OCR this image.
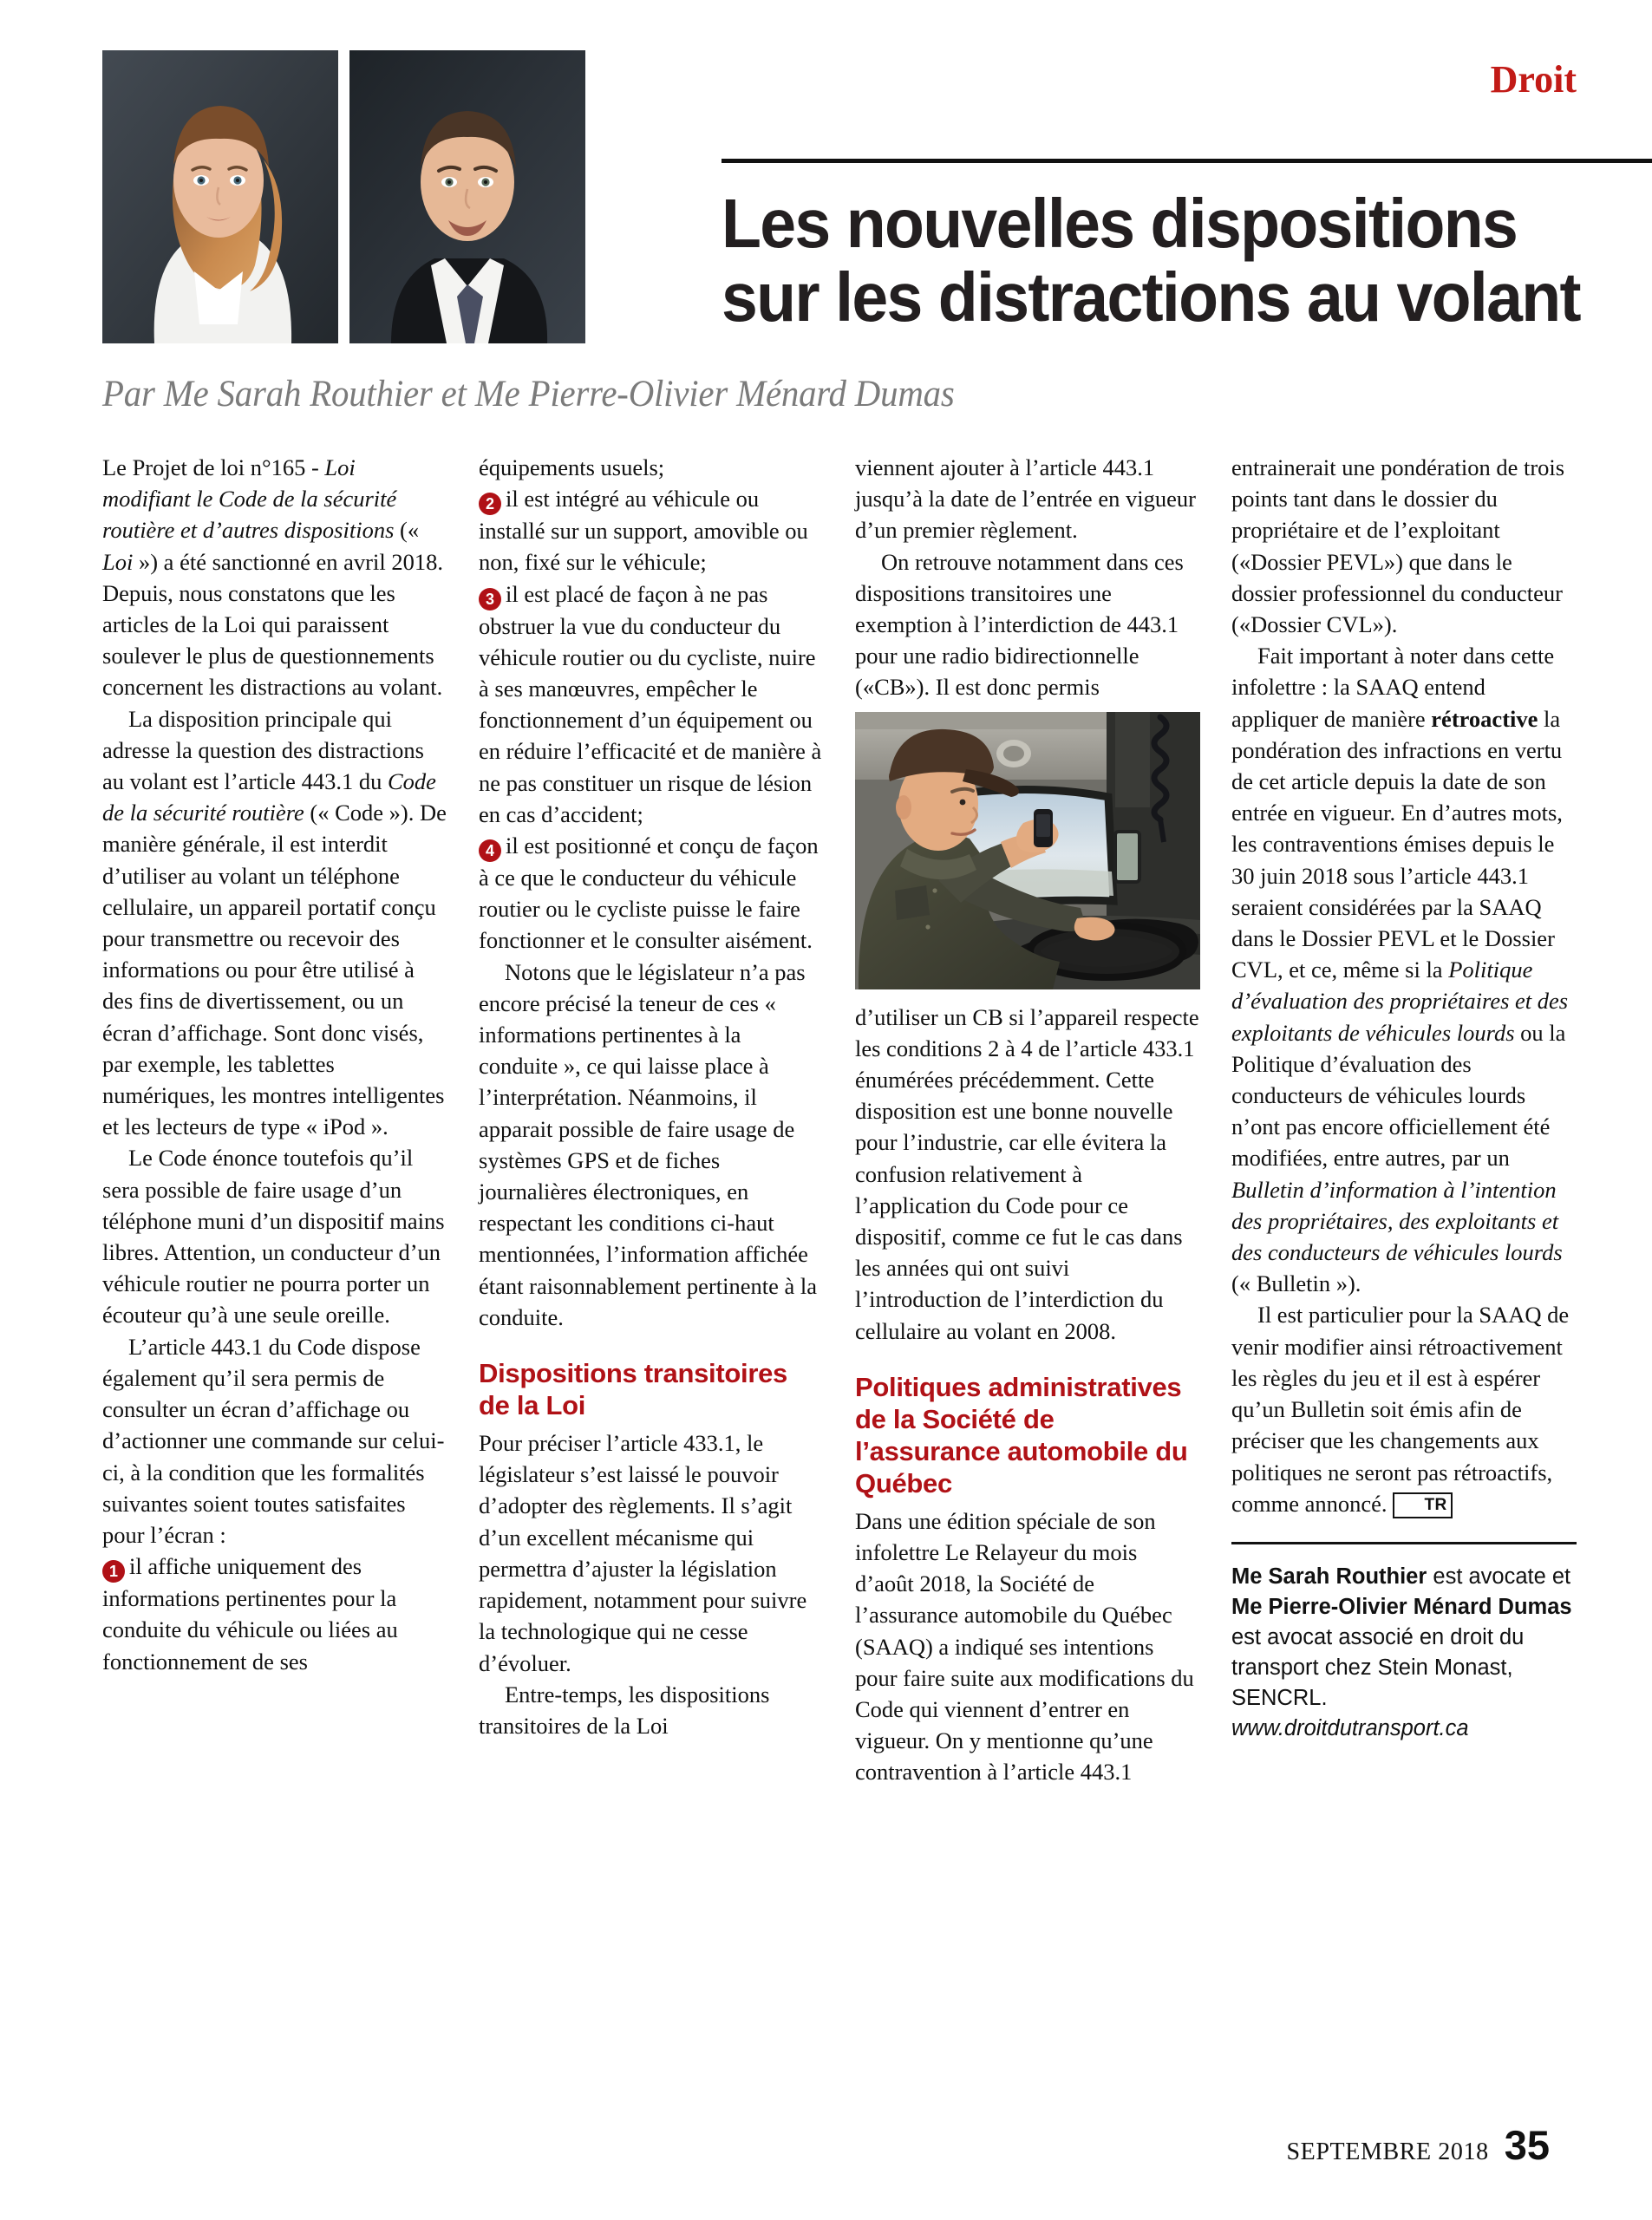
Droit
Les nouvelles dispositions
sur les distractions au volant
Par Me Sarah Routhier et Me Pierre-Olivier Ménard Dumas

Le Projet de loi n°165 - Loi modifiant le Code de la sécurité routière et d’autres dispositions (« Loi ») a été sanctionné en avril 2018. Depuis, nous constatons que les articles de la Loi qui paraissent soulever le plus de questionnements concernent les distractions au volant.

La disposition principale qui adresse la question des distractions au volant est l’article 443.1 du Code de la sécurité routière (« Code »). De manière générale, il est interdit d’utiliser au volant un téléphone cellulaire, un appareil portatif conçu pour transmettre ou recevoir des informations ou pour être utilisé à des fins de divertissement, ou un écran d’affichage. Sont donc visés, par exemple, les tablettes numériques, les montres intelligentes et les lecteurs de type « iPod ».

Le Code énonce toutefois qu’il sera possible de faire usage d’un téléphone muni d’un dispositif mains libres. Attention, un conducteur d’un véhicule routier ne pourra porter un écouteur qu’à une seule oreille.

L’article 443.1 du Code dispose également qu’il sera permis de consulter un écran d’affichage ou d’actionner une commande sur celui-ci, à la condition que les formalités suivantes soient toutes satisfaites pour l’écran :

1 il affiche uniquement des informations pertinentes pour la conduite du véhicule ou liées au fonctionnement de ses

équipements usuels;

2 il est intégré au véhicule ou installé sur un support, amovible ou non, fixé sur le véhicule;

3 il est placé de façon à ne pas obstruer la vue du conducteur du véhicule routier ou du cycliste, nuire à ses manœuvres, empêcher le fonctionnement d’un équipement ou en réduire l’efficacité et de manière à ne pas constituer un risque de lésion en cas d’accident;

4 il est positionné et conçu de façon à ce que le conducteur du véhicule routier ou le cycliste puisse le faire fonctionner et le consulter aisément.

Notons que le législateur n’a pas encore précisé la teneur de ces « informations pertinentes à la conduite », ce qui laisse place à l’interprétation. Néanmoins, il apparait possible de faire usage de systèmes GPS et de fiches journalières électroniques, en respectant les conditions ci-haut mentionnées, l’information affichée étant raisonnablement pertinente à la conduite.

Dispositions transitoires de la Loi

Pour préciser l’article 433.1, le législateur s’est laissé le pouvoir d’adopter des règlements. Il s’agit d’un excellent mécanisme qui permettra d’ajuster la législation rapidement, notamment pour suivre la technologique qui ne cesse d’évoluer.

Entre-temps, les dispositions transitoires de la Loi

viennent ajouter à l’article 443.1 jusqu’à la date de l’entrée en vigueur d’un premier règlement.

On retrouve notamment dans ces dispositions transitoires une exemption à l’interdiction de 443.1 pour une radio bidirectionnelle («CB»). Il est donc permis

d’utiliser un CB si l’appareil respecte les conditions 2 à 4 de l’article 433.1 énumérées précédemment. Cette disposition est une bonne nouvelle pour l’industrie, car elle évitera la confusion relativement à l’application du Code pour ce dispositif, comme ce fut le cas dans les années qui ont suivi l’introduction de l’interdiction du cellulaire au volant en 2008.

Politiques administratives de la Société de l’assurance automobile du Québec

Dans une édition spéciale de son infolettre Le Relayeur du mois d’août 2018, la Société de l’assurance automobile du Québec (SAAQ) a indiqué ses intentions pour faire suite aux modifications du Code qui viennent d’entrer en vigueur. On y mentionne qu’une contravention à l’article 443.1

entrainerait une pondération de trois points tant dans le dossier du propriétaire et de l’exploitant («Dossier PEVL») que dans le dossier professionnel du conducteur («Dossier CVL»).

Fait important à noter dans cette infolettre : la SAAQ entend appliquer de manière rétroactive la pondération des infractions en vertu de cet article depuis la date de son entrée en vigueur. En d’autres mots, les contraventions émises depuis le 30 juin 2018 sous l’article 443.1 seraient considérées par la SAAQ dans le Dossier PEVL et le Dossier CVL, et ce, même si la Politique d’évaluation des propriétaires et des exploitants de véhicules lourds ou la Politique d’évaluation des conducteurs de véhicules lourds n’ont pas encore officiellement été modifiées, entre autres, par un Bulletin d’information à l’intention des propriétaires, des exploitants et des conducteurs de véhicules lourds (« Bulletin »).

Il est particulier pour la SAAQ de venir modifier ainsi rétroactivement les règles du jeu et il est à espérer qu’un Bulletin soit émis afin de préciser que les changements aux politiques ne seront pas rétroactifs, comme annoncé. TR

Me Sarah Routhier est avocate et Me Pierre-Olivier Ménard Dumas est avocat associé en droit du transport chez Stein Monast, SENCRL.
www.droitdutransport.ca
SEPTEMBRE 2018 35
